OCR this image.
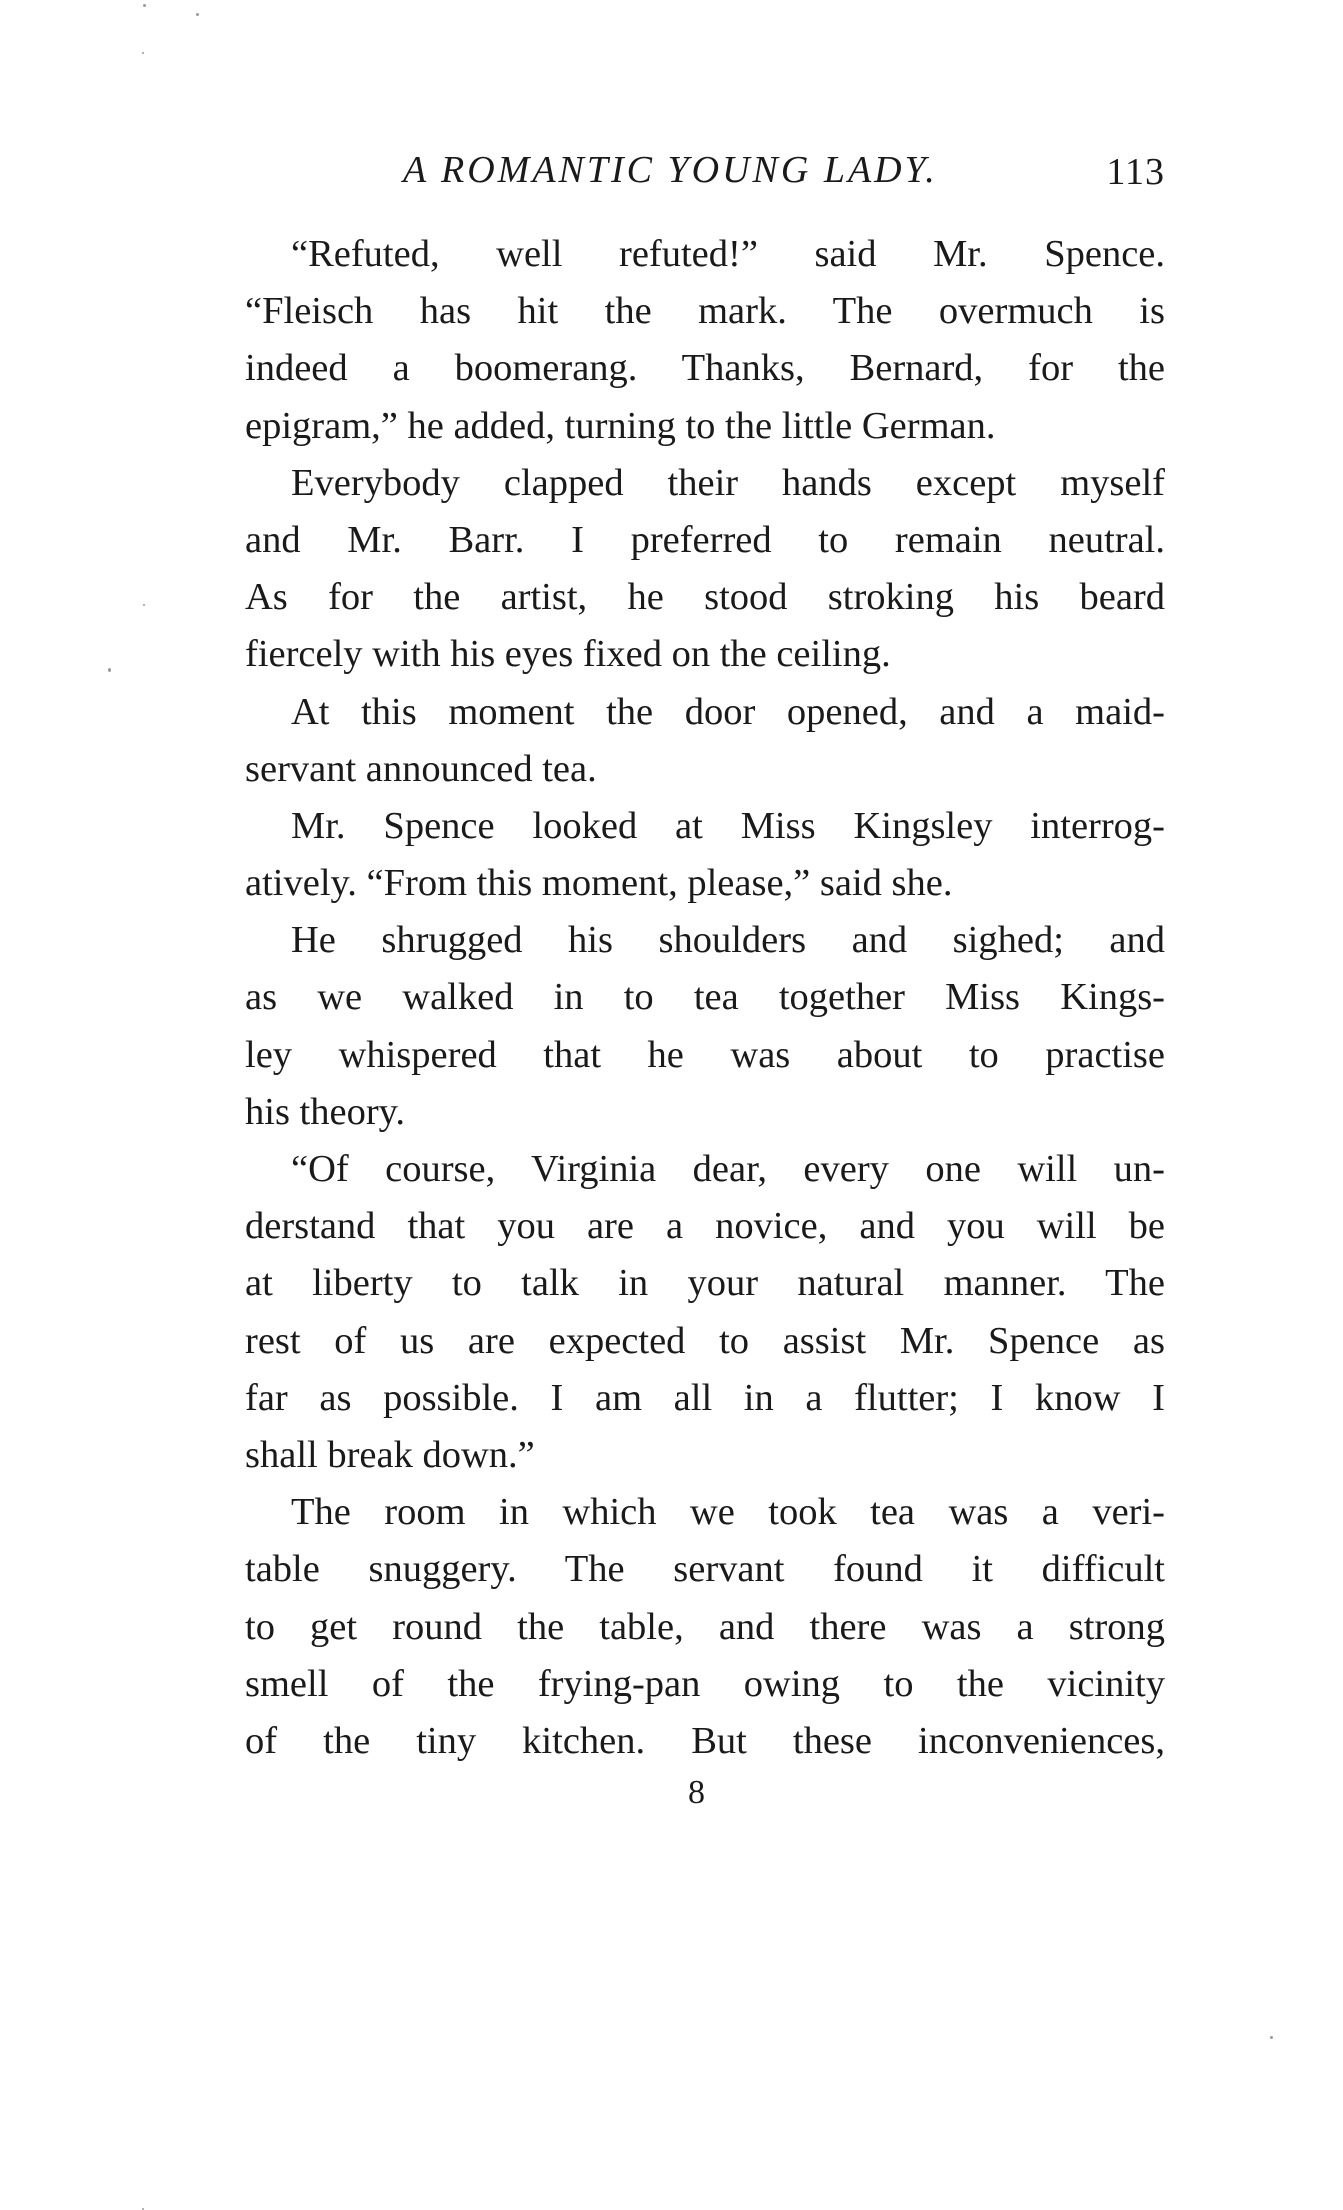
A ROMANTIC YOUNG LADY.	113
“Refuted, well refuted!” said Mr. Spence.
“Fleisch has hit the mark. The overmuch is
indeed a boomerang. Thanks, Bernard, for the
epigram,” he added, turning to the little German.
Everybody clapped their hands except myself
and Mr. Barr. I preferred to remain neutral.
As for the artist, he stood stroking his beard
fiercely with his eyes fixed on the ceiling.
At this moment the door opened, and a maid-
servant announced tea.
Mr. Spence looked at Miss Kingsley interrog-
atively. “From this moment, please,” said she.
He shrugged his shoulders and sighed; and
as we walked in to tea together Miss Kings-
ley whispered that he was about to practise
his theory.
“Of course, Virginia dear, every one will un-
derstand that you are a novice, and you will be
at liberty to talk in your natural manner. The
rest of us are expected to assist Mr. Spence as
far as possible. I am all in a flutter; I know I
shall break down.”
The room in which we took tea was a veri-
table snuggery. The servant found it difficult
to get round the table, and there was a strong
smell of the frying-pan owing to the vicinity
of the tiny kitchen. But these inconveniences,
8
